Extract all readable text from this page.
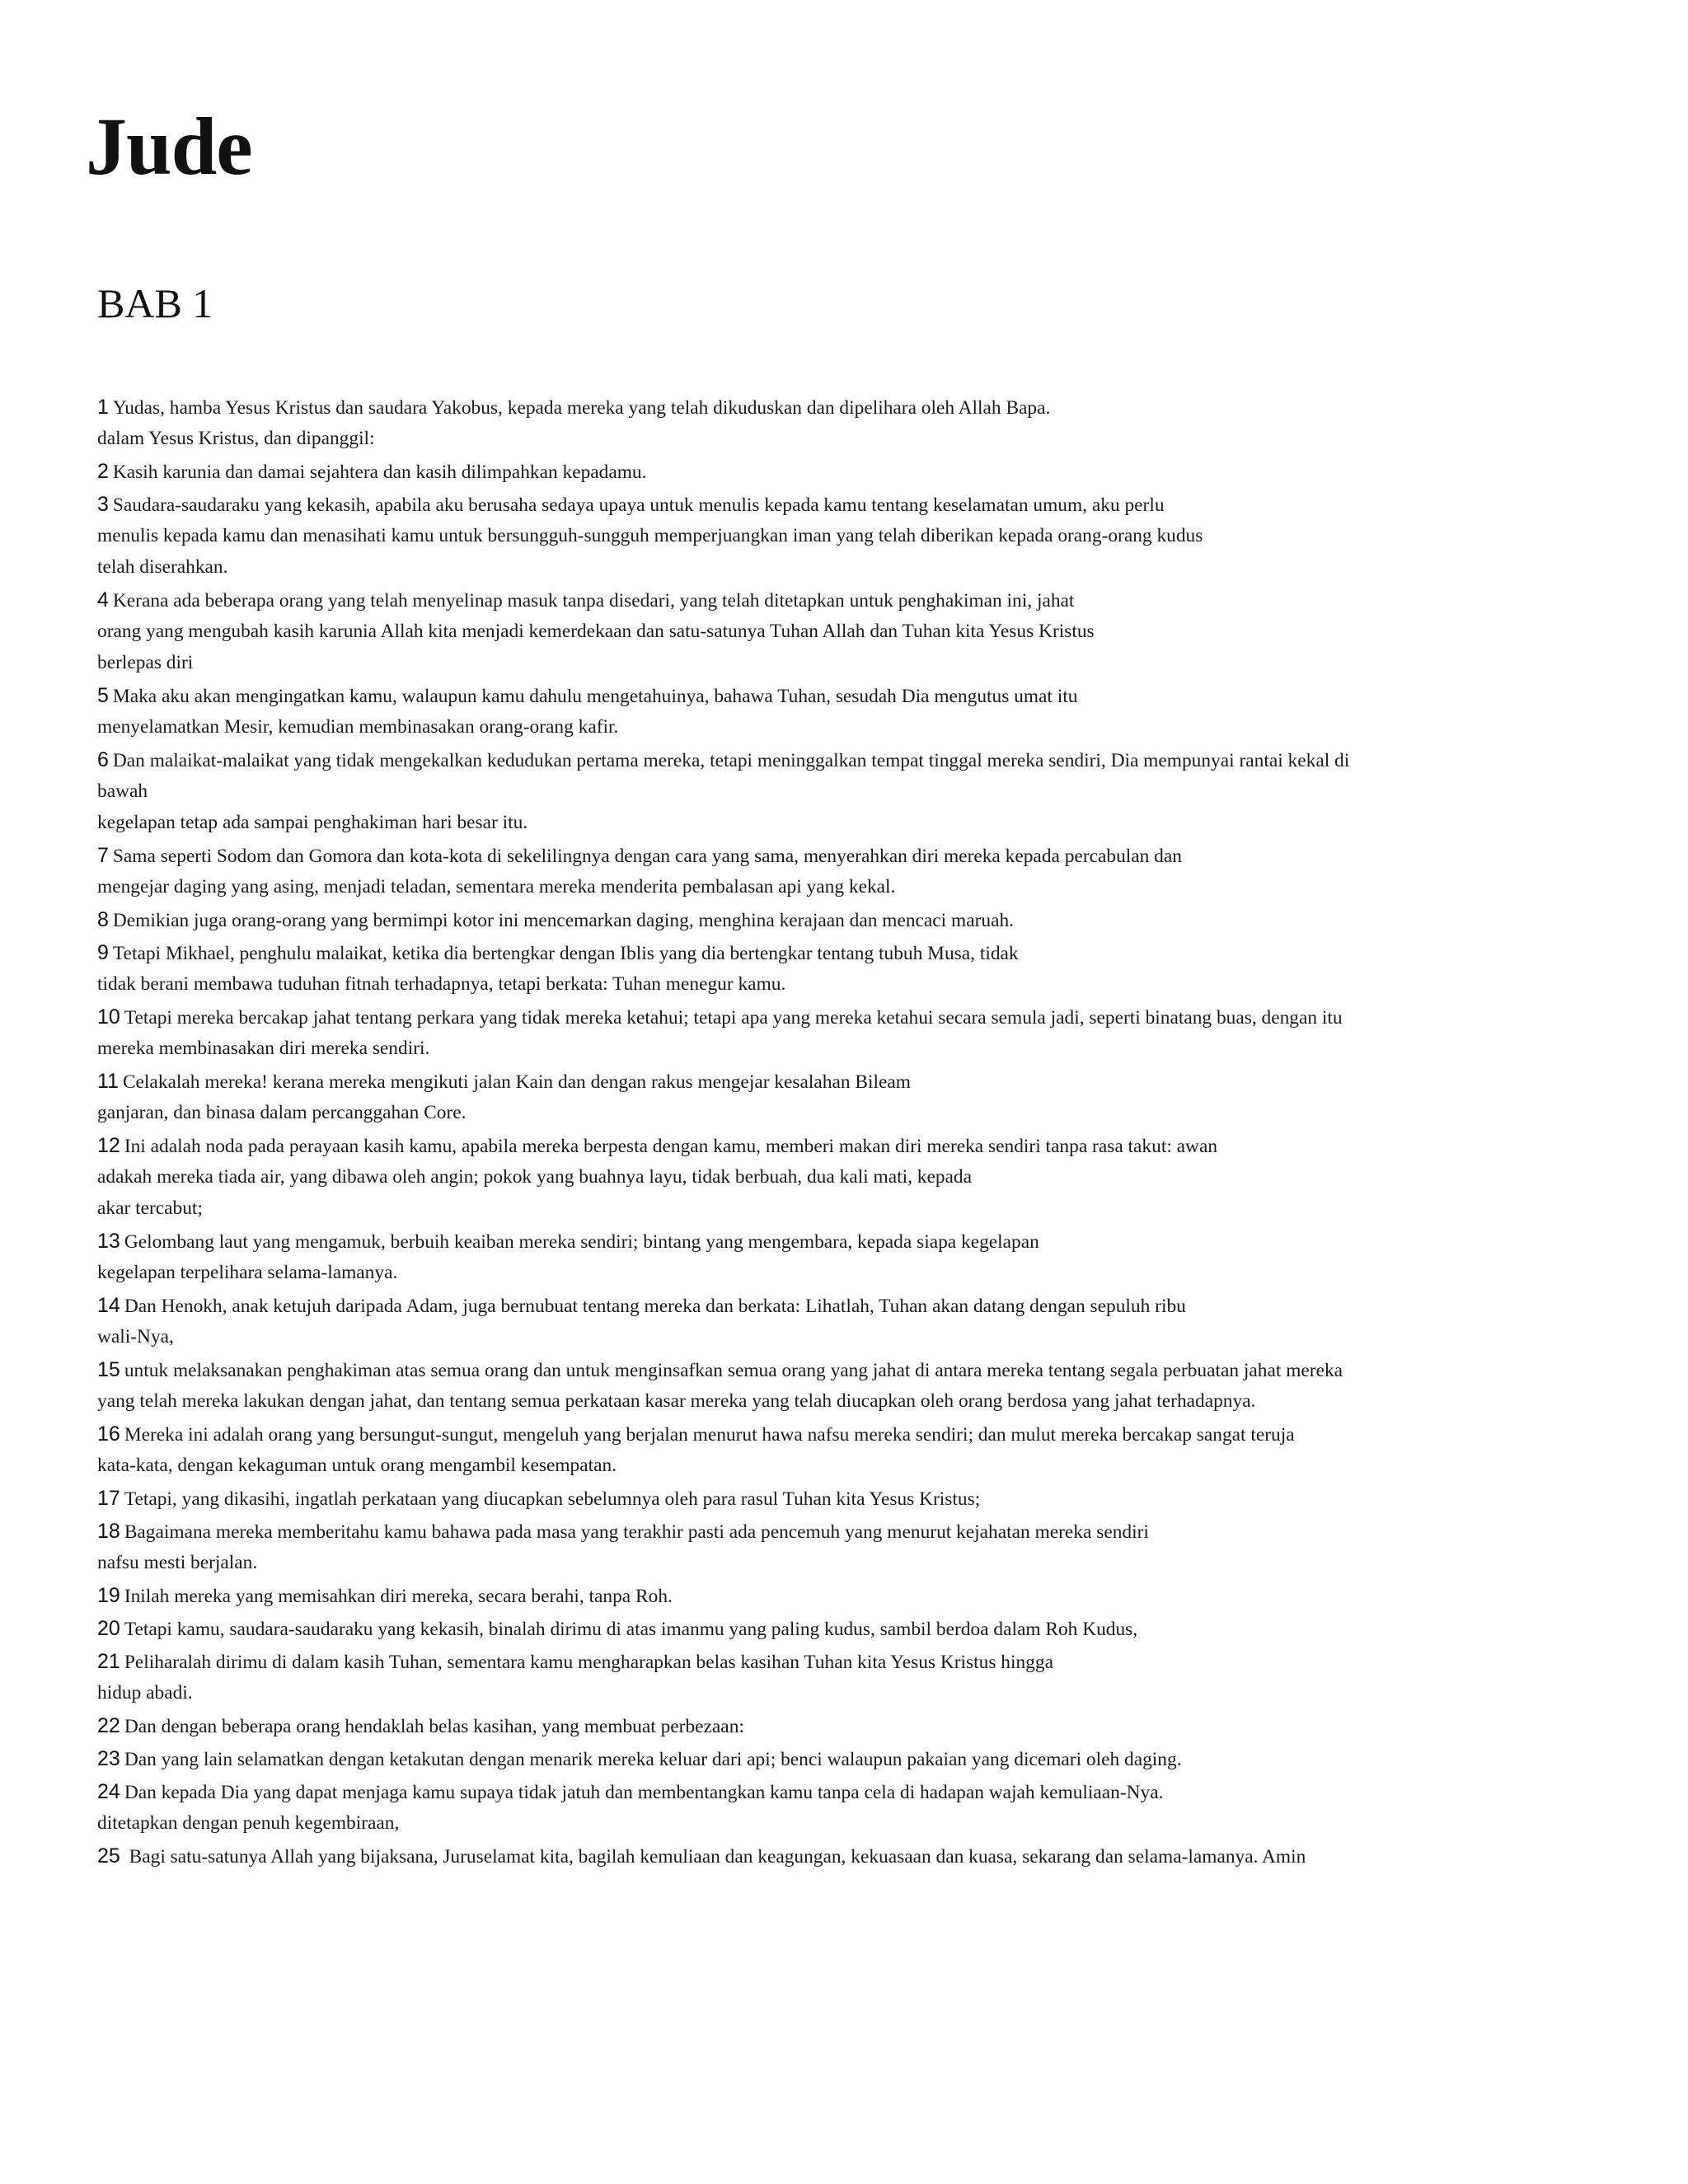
Jude
BAB 1

1 Yudas, hamba Yesus Kristus dan saudara Yakobus, kepada mereka yang telah dikuduskan dan dipelihara oleh Allah Bapa.
dalam Yesus Kristus, dan dipanggil:

2 Kasih karunia dan damai sejahtera dan kasih dilimpahkan kepadamu.

3 Saudara-saudaraku yang kekasih, apabila aku berusaha sedaya upaya untuk menulis kepada kamu tentang keselamatan umum, aku perlu
menulis kepada kamu dan menasihati kamu untuk bersungguh-sungguh memperjuangkan iman yang telah diberikan kepada orang-orang kudus
telah diserahkan.

4 Kerana ada beberapa orang yang telah menyelinap masuk tanpa disedari, yang telah ditetapkan untuk penghakiman ini, jahat
orang yang mengubah kasih karunia Allah kita menjadi kemerdekaan dan satu-satunya Tuhan Allah dan Tuhan kita Yesus Kristus
berlepas diri

5 Maka aku akan mengingatkan kamu, walaupun kamu dahulu mengetahuinya, bahawa Tuhan, sesudah Dia mengutus umat itu
menyelamatkan Mesir, kemudian membinasakan orang-orang kafir.

6 Dan malaikat-malaikat yang tidak mengekalkan kedudukan pertama mereka, tetapi meninggalkan tempat tinggal mereka sendiri, Dia mempunyai rantai kekal di
bawah
kegelapan tetap ada sampai penghakiman hari besar itu.

7 Sama seperti Sodom dan Gomora dan kota-kota di sekelilingnya dengan cara yang sama, menyerahkan diri mereka kepada percabulan dan
mengejar daging yang asing, menjadi teladan, sementara mereka menderita pembalasan api yang kekal.

8 Demikian juga orang-orang yang bermimpi kotor ini mencemarkan daging, menghina kerajaan dan mencaci maruah.

9 Tetapi Mikhael, penghulu malaikat, ketika dia bertengkar dengan Iblis yang dia bertengkar tentang tubuh Musa, tidak
tidak berani membawa tuduhan fitnah terhadapnya, tetapi berkata: Tuhan menegur kamu.

10 Tetapi mereka bercakap jahat tentang perkara yang tidak mereka ketahui; tetapi apa yang mereka ketahui secara semula jadi, seperti binatang buas, dengan itu
mereka membinasakan diri mereka sendiri.

11 Celakalah mereka! kerana mereka mengikuti jalan Kain dan dengan rakus mengejar kesalahan Bileam
ganjaran, dan binasa dalam percanggahan Core.

12 Ini adalah noda pada perayaan kasih kamu, apabila mereka berpesta dengan kamu, memberi makan diri mereka sendiri tanpa rasa takut: awan
adakah mereka tiada air, yang dibawa oleh angin; pokok yang buahnya layu, tidak berbuah, dua kali mati, kepada
akar tercabut;

13 Gelombang laut yang mengamuk, berbuih keaiban mereka sendiri; bintang yang mengembara, kepada siapa kegelapan
kegelapan terpelihara selama-lamanya.

14 Dan Henokh, anak ketujuh daripada Adam, juga bernubuat tentang mereka dan berkata: Lihatlah, Tuhan akan datang dengan sepuluh ribu
wali-Nya,

15 untuk melaksanakan penghakiman atas semua orang dan untuk menginsafkan semua orang yang jahat di antara mereka tentang segala perbuatan jahat mereka
yang telah mereka lakukan dengan jahat, dan tentang semua perkataan kasar mereka yang telah diucapkan oleh orang berdosa yang jahat terhadapnya.

16 Mereka ini adalah orang yang bersungut-sungut, mengeluh yang berjalan menurut hawa nafsu mereka sendiri; dan mulut mereka bercakap sangat teruja
kata-kata, dengan kekaguman untuk orang mengambil kesempatan.

17 Tetapi, yang dikasihi, ingatlah perkataan yang diucapkan sebelumnya oleh para rasul Tuhan kita Yesus Kristus;

18 Bagaimana mereka memberitahu kamu bahawa pada masa yang terakhir pasti ada pencemuh yang menurut kejahatan mereka sendiri
nafsu mesti berjalan.

19 Inilah mereka yang memisahkan diri mereka, secara berahi, tanpa Roh.

20 Tetapi kamu, saudara-saudaraku yang kekasih, binalah dirimu di atas imanmu yang paling kudus, sambil berdoa dalam Roh Kudus,

21 Peliharalah dirimu di dalam kasih Tuhan, sementara kamu mengharapkan belas kasihan Tuhan kita Yesus Kristus hingga
hidup abadi.

22 Dan dengan beberapa orang hendaklah belas kasihan, yang membuat perbezaan:

23 Dan yang lain selamatkan dengan ketakutan dengan menarik mereka keluar dari api; benci walaupun pakaian yang dicemari oleh daging.

24 Dan kepada Dia yang dapat menjaga kamu supaya tidak jatuh dan membentangkan kamu tanpa cela di hadapan wajah kemuliaan-Nya.
ditetapkan dengan penuh kegembiraan,

25 Bagi satu-satunya Allah yang bijaksana, Juruselamat kita, bagilah kemuliaan dan keagungan, kekuasaan dan kuasa, sekarang dan selama-lamanya. Amin
